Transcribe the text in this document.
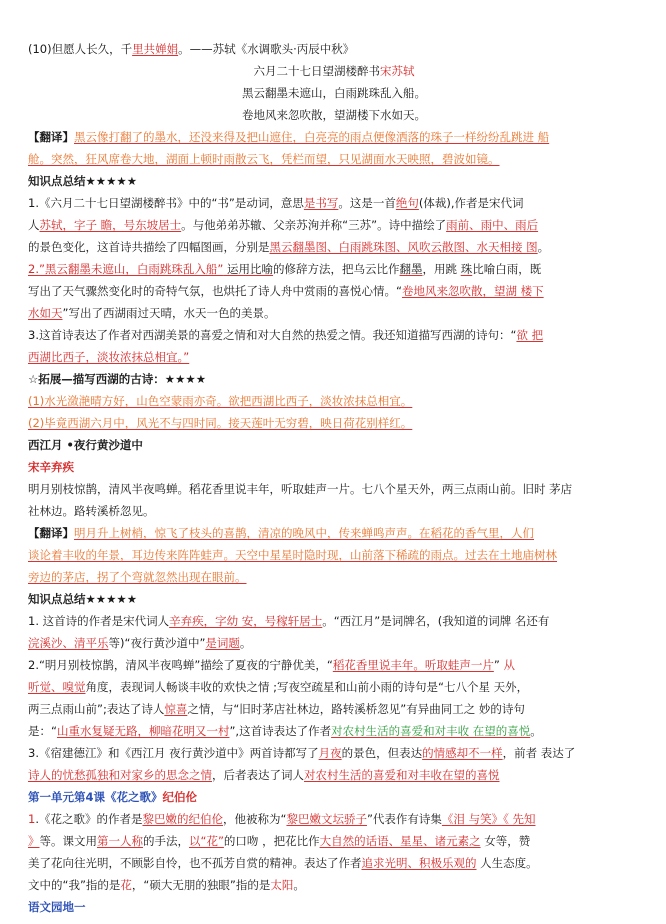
(10)但愿人长久，千里共婵娟。——苏轼《水调歌头·丙辰中秋》
六月二十七日望湖楼醉书宋苏轼
黑云翻墨未遮山，白雨跳珠乱入船。
卷地风来忽吹散，望湖楼下水如天。
【翻译】黑云像打翻了的墨水，还没来得及把山遮住，白亮亮的雨点便像洒落的珠子一样纷纷乱跳进 船
舱。突然，狂风席卷大地，湖面上顿时雨散云飞，凭栏而望，只见湖面水天映照，碧波如镜。
知识点总结★★★★★
1.《六月二十七日望湖楼醉书》中的“书”是动词，意思是书写。这是一首绝句(体裁),作者是宋代词
人苏轼，字子 瞻，号东坡居士。与他弟弟苏辙、父亲苏洵并称“三苏”。诗中描绘了雨前、雨中、雨后
的景色变化，这首诗共描绘了四幅图画，分别是黑云翻墨图、白雨跳珠图、风吹云散图、水天相接 图。
2.”黑云翻墨未遮山，白雨跳珠乱入船” 运用比喻的修辞方法，把乌云比作翻墨，用跳 珠比喻白雨，既
写出了天气骤然变化时的奇特气氛，也烘托了诗人舟中赏雨的喜悦心情。“卷地风来忽吹散，望湖 楼下
水如天”写出了西湖雨过天晴，水天一色的美景。
3.这首诗表达了作者对西湖美景的喜爱之情和对大自然的热爱之情。我还知道描写西湖的诗句：“欲 把
西湖比西子，淡妆浓抹总相宜。”
☆拓展—描写西湖的古诗：★★★★
(1)水光潋滟晴方好，山色空蒙雨亦奇。欲把西湖比西子，淡妆浓抹总相宜。
(2)毕竟西湖六月中，风光不与四时同。接天莲叶无穷碧，映日荷花别样红。
西江月 •夜行黄沙道中
宋辛弃疾
明月别枝惊鹊，清风半夜鸣蝉。稻花香里说丰年，听取蛙声一片。七八个星天外，两三点雨山前。旧时 茅店
社林边。路转溪桥忽见。
【翻译】明月升上树梢，惊飞了枝头的喜鹊，清凉的晚风中，传来蝉鸣声声。在稻花的香气里，人们
谈论着丰收的年景，耳边传来阵阵蛙声。天空中星星时隐时现，山前落下稀疏的雨点。过去在土地庙树林
旁边的茅店，拐了个弯就忽然出现在眼前。
知识点总结★★★★★
1. 这首诗的作者是宋代词人辛弃疾，字幼 安，号稼轩居士。“西江月”是词牌名，(我知道的词牌 名还有
浣溪沙、清平乐等)“夜行黄沙道中”是词题。
2.“明月别枝惊鹊，清风半夜鸣蝉”描绘了夏夜的宁静优美，“稻花香里说丰年。听取蛙声一片” 从
听觉、嗅觉角度，表现词人畅谈丰收的欢快之情 ;写夜空疏星和山前小雨的诗句是“七八个星 天外，
两三点雨山前”;表达了诗人惊喜之情，与“旧时茅店社林边，路转溪桥忽见”有异曲同工之 妙的诗句
是：“山重水复疑无路，柳暗花明又一村”,这首诗表达了作者对农村生活的喜爱和对丰收 在望的喜悦。
3.《宿建德江》和《西江月 夜行黄沙道中》两首诗都写了月夜的景色，但表达的情感却不一样，前者 表达了
诗人的忧愁孤独和对家乡的思念之情，后者表达了词人对农村生活的喜爱和对丰收在望的喜悦
第一单元第4课《花之歌》纪伯伦
1.《花之歌》的作者是黎巴嫩的纪伯伦，他被称为“黎巴嫩文坛骄子”代表作有诗集《泪 与笑》《 先知
》等。课文用第一人称的手法，以“花”的口吻 ，把花比作大自然的话语、星星、诸元素之 女等，赞
美了花向往光明，不顾影自怜，也不孤芳自赏的精神。表达了作者追求光明、积极乐观的 人生态度。
文中的“我”指的是花，“硕大无朋的独眼”指的是太阳。
语文园地一
